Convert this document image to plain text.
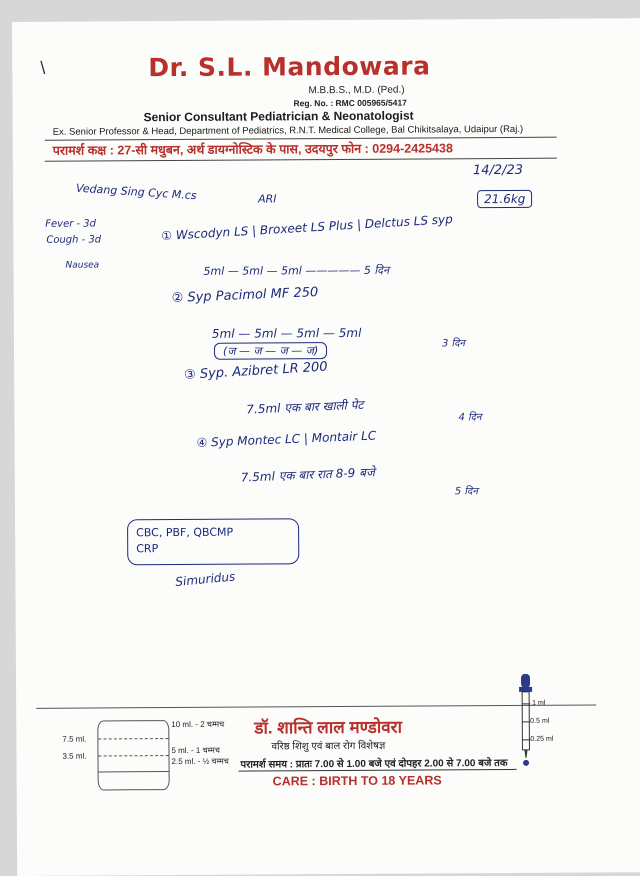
\	Dr. S.L. Mandowara
M.B.B.S., M.D. (Ped.)
Reg. No. : RMC 005965/5417
Senior Consultant Pediatrician & Neonatologist
Ex. Senior Professor & Head, Department of Pediatrics, R.N.T. Medical College, Bal Chikitsalaya, Udaipur (Raj.)
परामर्श कक्ष : 27-सी मधुबन, अर्थ डायग्नोस्टिक के पास, उदयपुर फोन : 0294-2425438
Vedang Sing Cyc M.cs
14/2/23
ARI	21.6kg
Fever - 3d
Cough - 3d
Nausea
① Wscodyn LS | Broxeet LS Plus | Delctus LS syp
5ml — 5ml — 5ml ————— 5 दिन
② Syp Pacimol MF 250
5ml — 5ml — 5ml — 5ml
(ज — ज — ज — ज)
3 दिन
③ Syp. Azibret LR 200
7.5ml एक बार खाली पेट
4 दिन
④ Syp Montec LC | Montair LC
7.5ml एक बार रात 8-9 बजे
5 दिन
CBC, PBF, QBCMP
CRP
Simuridus
7.5 ml.
3.5 ml.
10 ml. - 2 चम्मच
5 ml. - 1 चम्मच
2.5 ml. - ½ चम्मच
डॉ. शान्ति लाल मण्डोवरा
वरिष्ठ शिशु एवं बाल रोग विशेषज्ञ
परामर्श समय : प्रातः 7.00 से 1.00 बजे एवं दोपहर 2.00 से 7.00 बजे तक
CARE : BIRTH TO 18 YEARS
1 ml
0.5 ml
0.25 ml
